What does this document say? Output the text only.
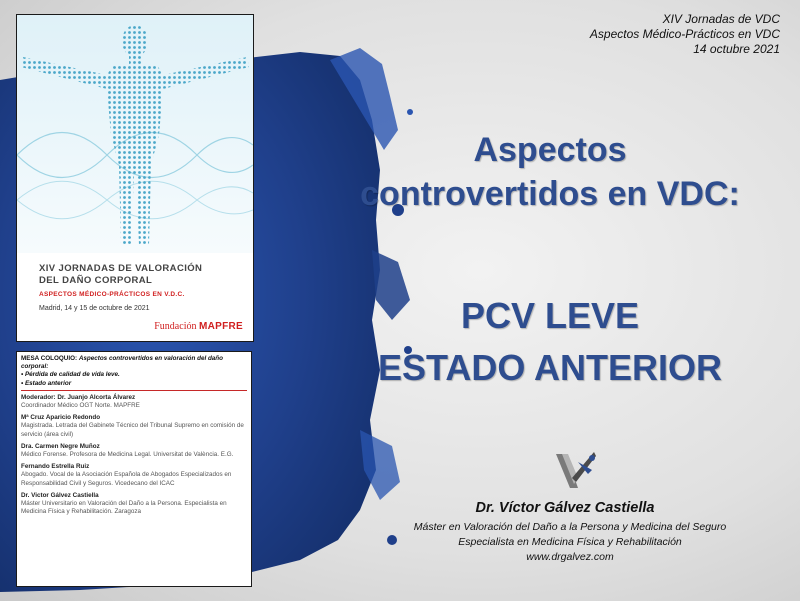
XIV JORNADAS DE VALORACIÓN
DEL DAÑO CORPORAL
ASPECTOS MÉDICO-PRÁCTICOS EN V.D.C.
Madrid, 14 y 15 de octubre de 2021
Fundación MAPFRE
MESA COLOQUIO: Aspectos controvertidos en valoración del daño corporal:
• Pérdida de calidad de vida leve.
• Estado anterior
Moderador: Dr. Juanjo Alcorta Álvarez
Coordinador Médico OGT Norte. MAPFRE
Mª Cruz Aparicio Redondo
Magistrada. Letrada del Gabinete Técnico del Tribunal Supremo en comisión de servicio (área civil)
Dra. Carmen Negre Muñoz
Médico Forense. Profesora de Medicina Legal. Universitat de València. E.G.
Fernando Estrella Ruiz
Abogado. Vocal de la Asociación Española de Abogados Especializados en Responsabilidad Civil y Seguros. Vicedecano del ICAC
Dr. Victor Gálvez Castiella
Máster Universitario en Valoración del Daño a la Persona. Especialista en Medicina Física y Rehabilitación. Zaragoza
XIV Jornadas de VDC
Aspectos Médico-Prácticos en VDC
14 octubre 2021
Aspectos
controvertidos en VDC:
PCV LEVE
ESTADO ANTERIOR
Dr. Víctor Gálvez Castiella
Máster en Valoración del Daño a la Persona y Medicina del Seguro
Especialista en Medicina Física y Rehabilitación
www.drgalvez.com
